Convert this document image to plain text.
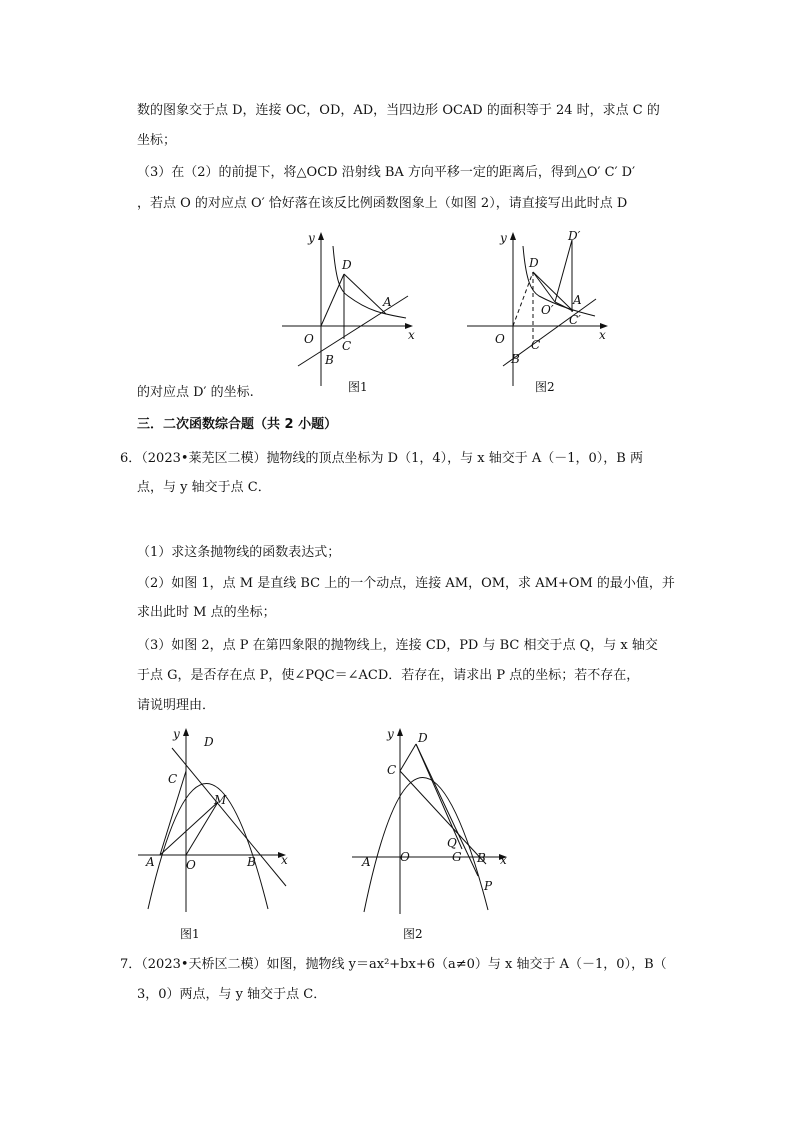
数的图象交于点 D，连接 OC，OD，AD，当四边形 OCAD 的面积等于 24 时，求点 C 的
坐标；
（3）在（2）的前提下，将△OCD 沿射线 BA 方向平移一定的距离后，得到△O′ C′ D′
，若点 O 的对应点 O′ 恰好落在该反比例函数图象上（如图 2），请直接写出此时点 D
y
x
D
A
O C
B
图1
y
x
D
D′
A
O′
C′
O C
B
图2
的对应点 D′ 的坐标.
三．二次函数综合题（共 2 小题）
6．（2023•莱芜区二模）抛物线的顶点坐标为 D（1，4），与 x 轴交于 A（－1，0），B 两
点，与 y 轴交于点 C．
（1）求这条抛物线的函数表达式；
（2）如图 1，点 M 是直线 BC 上的一个动点，连接 AM，OM，求 AM+OM 的最小值，并
求出此时 M 点的坐标；
（3）如图 2，点 P 在第四象限的抛物线上，连接 CD，PD 与 BC 相交于点 Q，与 x 轴交
于点 G，是否存在点 P，使∠PQC＝∠ACD．若存在，请求出 P 点的坐标；若不存在，
请说明理由．
y
x
D
C
M
A	O	B
图1
y
x
D
C
Q
A O	G B
P
图2
7．（2023•天桥区二模）如图，抛物线 y＝ax²+bx+6（a≠0）与 x 轴交于 A（－1，0），B（
3，0）两点，与 y 轴交于点 C．
